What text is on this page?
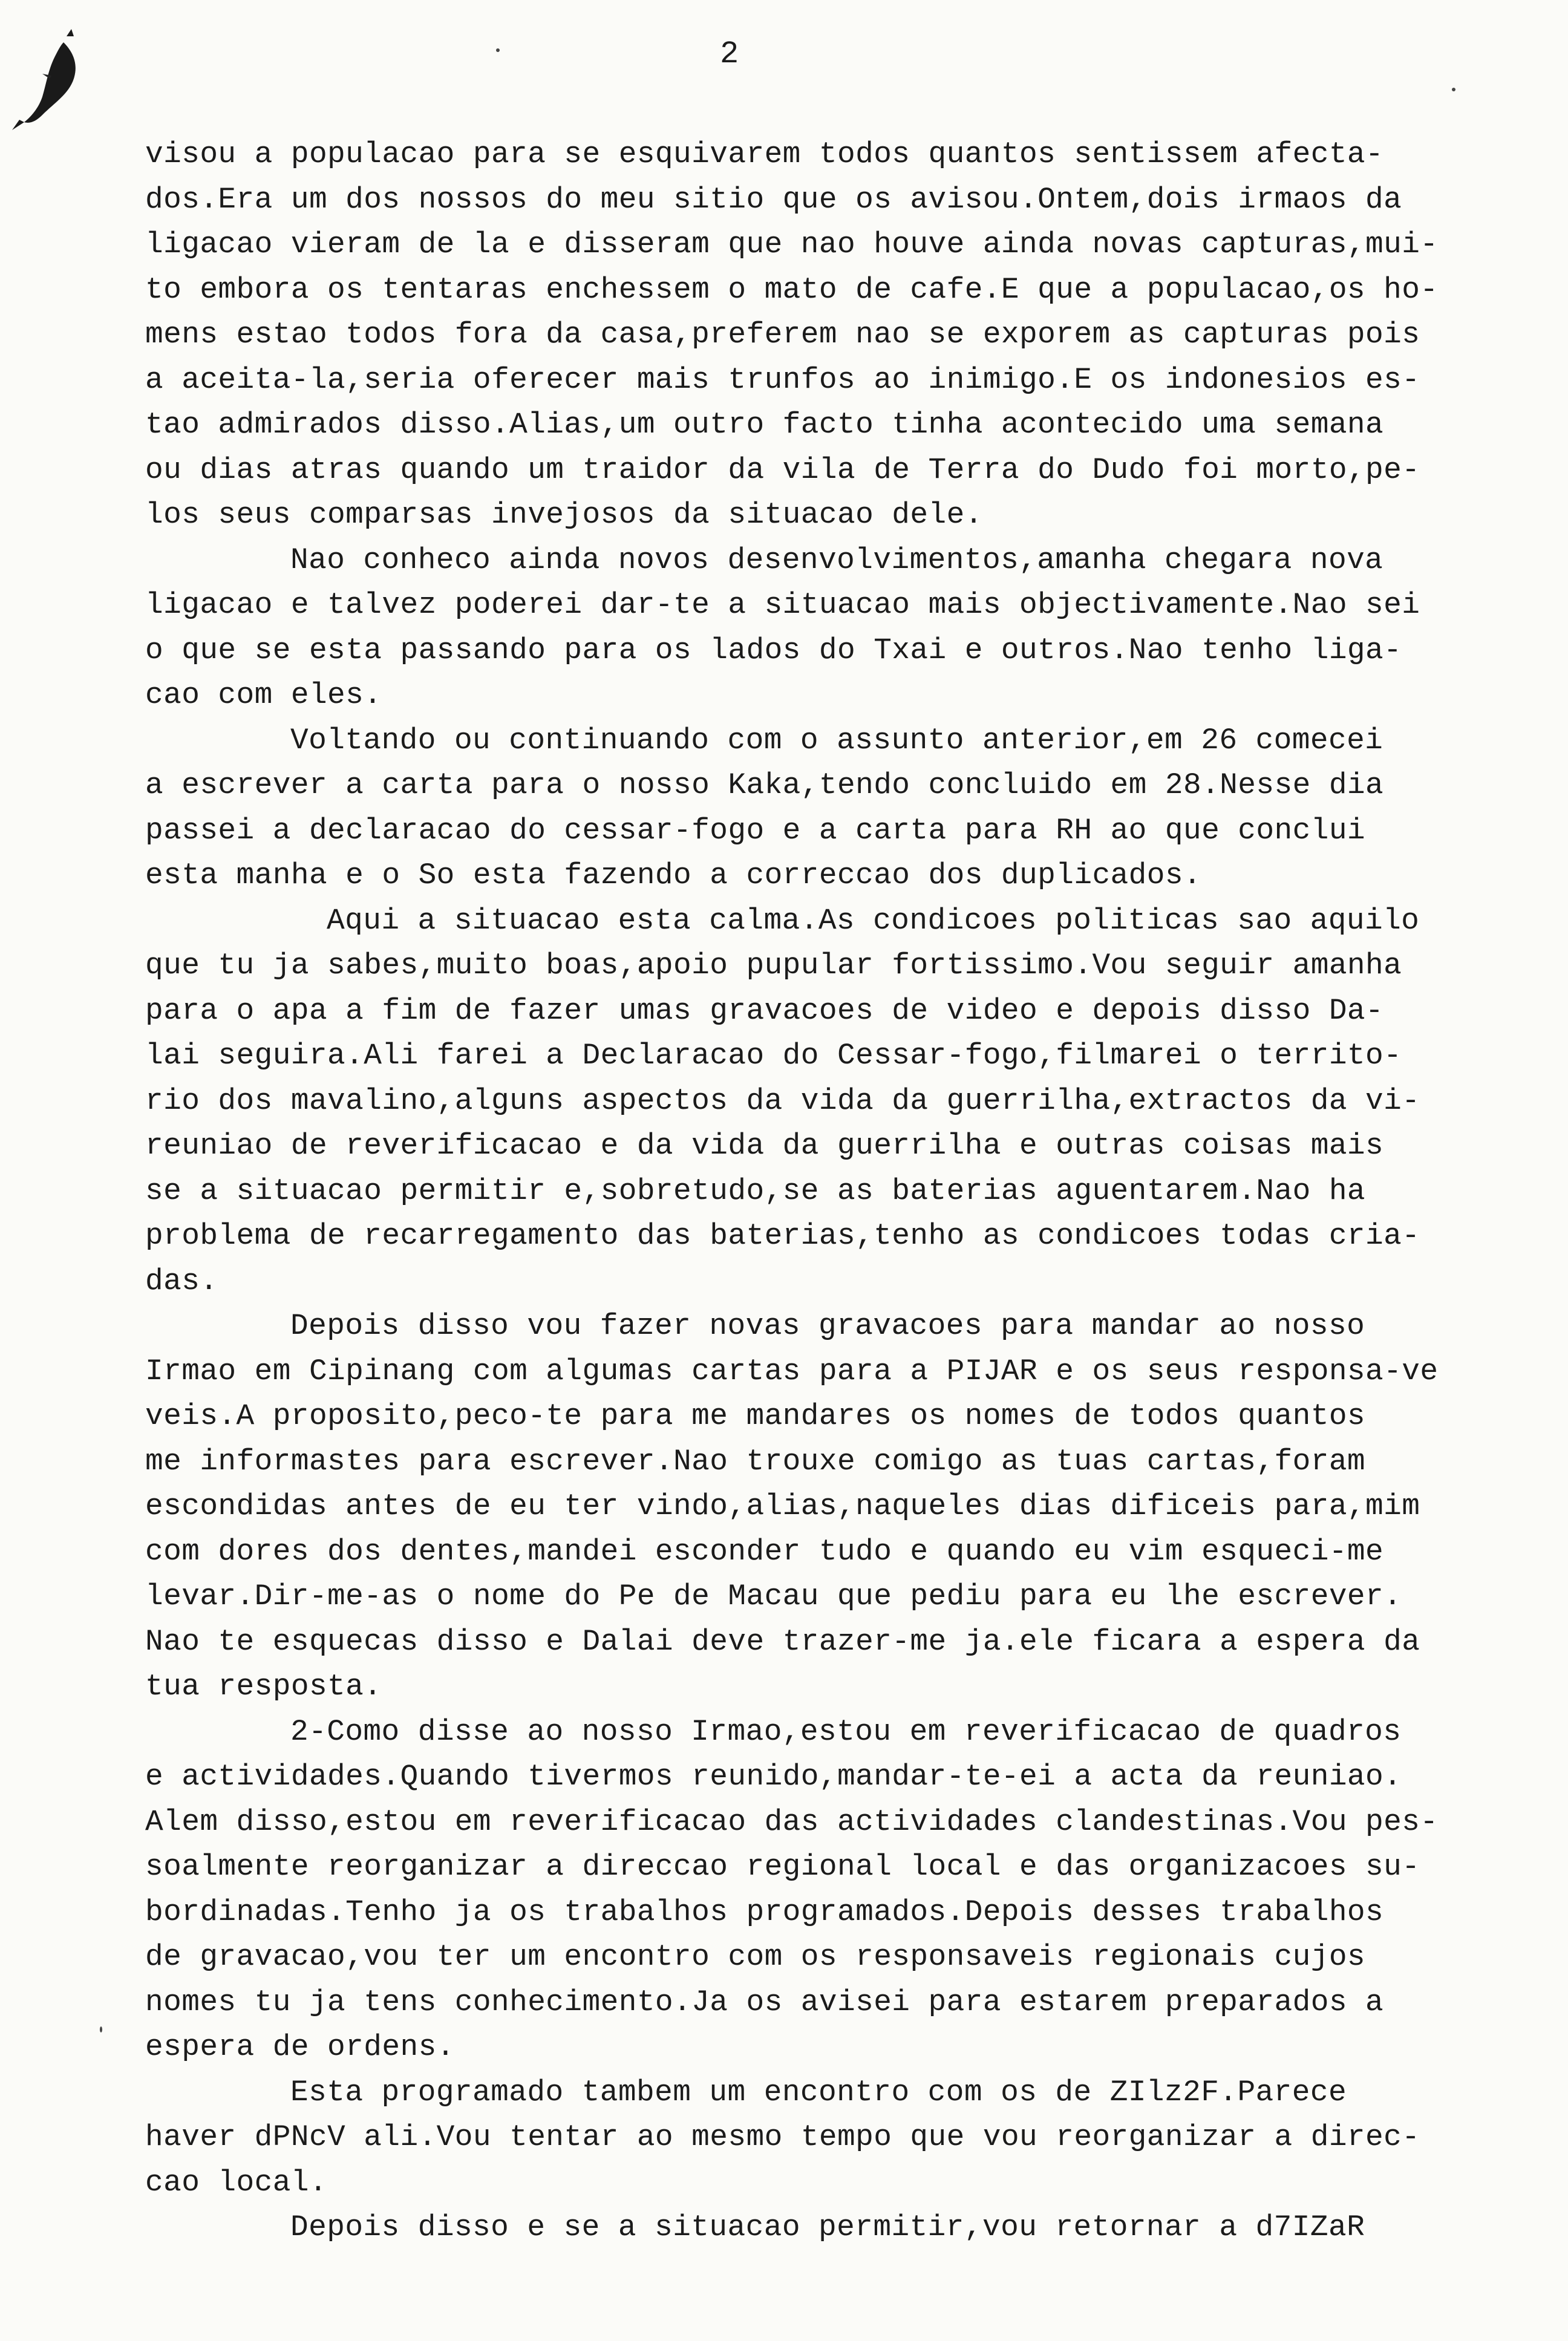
2
visou a populacao para se esquivarem todos quantos sentissem afecta-
dos.Era um dos nossos do meu sitio que os avisou.Ontem,dois irmaos da
ligacao vieram de la e disseram que nao houve ainda novas capturas,mui-
to embora os tentaras enchessem o mato de cafe.E que a populacao,os ho-
mens estao todos fora da casa,preferem nao se exporem as capturas pois
a aceita-la,seria oferecer mais trunfos ao inimigo.E os indonesios es-
tao admirados disso.Alias,um outro facto tinha acontecido uma semana
ou dias atras quando um traidor da vila de Terra do Dudo foi morto,pe-
los seus comparsas invejosos da situacao dele.
Nao conheco ainda novos desenvolvimentos,amanha chegara nova
ligacao e talvez poderei dar-te a situacao mais objectivamente.Nao sei
o que se esta passando para os lados do Txai e outros.Nao tenho liga-
cao com eles.
Voltando ou continuando com o assunto anterior,em 26 comecei
a escrever a carta para o nosso Kaka,tendo concluido em 28.Nesse dia
passei a declaracao do cessar-fogo e a carta para RH ao que conclui
esta manha e o So esta fazendo a correccao dos duplicados.
Aqui a situacao esta calma.As condicoes politicas sao aquilo
que tu ja sabes,muito boas,apoio pupular fortissimo.Vou seguir amanha
para o apa a fim de fazer umas gravacoes de video e depois disso Da-
lai seguira.Ali farei a Declaracao do Cessar-fogo,filmarei o territo-
rio dos mavalino,alguns aspectos da vida da guerrilha,extractos da vi-
reuniao de reverificacao e da vida da guerrilha e outras coisas mais
se a situacao permitir e,sobretudo,se as baterias aguentarem.Nao ha
problema de recarregamento das baterias,tenho as condicoes todas cria-
das.
Depois disso vou fazer novas gravacoes para mandar ao nosso
Irmao em Cipinang com algumas cartas para a PIJAR e os seus responsa-ve
veis.A proposito,peco-te para me mandares os nomes de todos quantos
me informastes para escrever.Nao trouxe comigo as tuas cartas,foram
escondidas antes de eu ter vindo,alias,naqueles dias dificeis para,mim
com dores dos dentes,mandei esconder tudo e quando eu vim esqueci-me
levar.Dir-me-as o nome do Pe de Macau que pediu para eu lhe escrever.
Nao te esquecas disso e Dalai deve trazer-me ja.ele ficara a espera da
tua resposta.
2-Como disse ao nosso Irmao,estou em reverificacao de quadros
e actividades.Quando tivermos reunido,mandar-te-ei a acta da reuniao.
Alem disso,estou em reverificacao das actividades clandestinas.Vou pes-
soalmente reorganizar a direccao regional local e das organizacoes su-
bordinadas.Tenho ja os trabalhos programados.Depois desses trabalhos
de gravacao,vou ter um encontro com os responsaveis regionais cujos
nomes tu ja tens conhecimento.Ja os avisei para estarem preparados a
espera de ordens.
Esta programado tambem um encontro com os de ZIlz2F.Parece
haver dPNcV ali.Vou tentar ao mesmo tempo que vou reorganizar a direc-
cao local.
Depois disso e se a situacao permitir,vou retornar a d7IZaR
